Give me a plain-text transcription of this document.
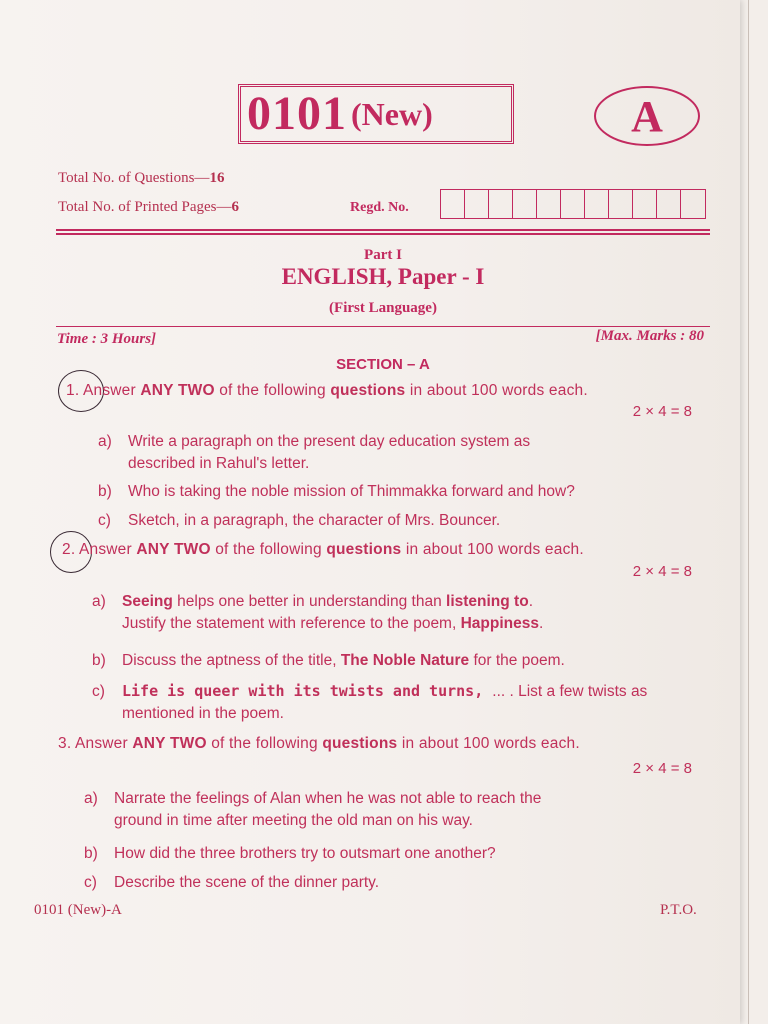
0101 (New)	A
Total No. of Questions—16
Total No. of Printed Pages—6	Regd. No.
Part I
ENGLISH, Paper - I
(First Language)
Time : 3 Hours]	[Max. Marks : 80
SECTION – A
1. Answer ANY TWO of the following questions in about 100 words each.
2 × 4 = 8
a) Write a paragraph on the present day education system as
described in Rahul's letter.
b) Who is taking the noble mission of Thimmakka forward and how?
c) Sketch, in a paragraph, the character of Mrs. Bouncer.
2. Answer ANY TWO of the following questions in about 100 words each.
2 × 4 = 8
a) Seeing helps one better in understanding than listening to.
Justify the statement with reference to the poem, Happiness.
b) Discuss the aptness of the title, The Noble Nature for the poem.
c) Life is queer with its twists and turns, ... . List a few twists as
mentioned in the poem.
3. Answer ANY TWO of the following questions in about 100 words each.
2 × 4 = 8
a) Narrate the feelings of Alan when he was not able to reach the
ground in time after meeting the old man on his way.
b) How did the three brothers try to outsmart one another?
c) Describe the scene of the dinner party.
0101 (New)-A	P.T.O.
